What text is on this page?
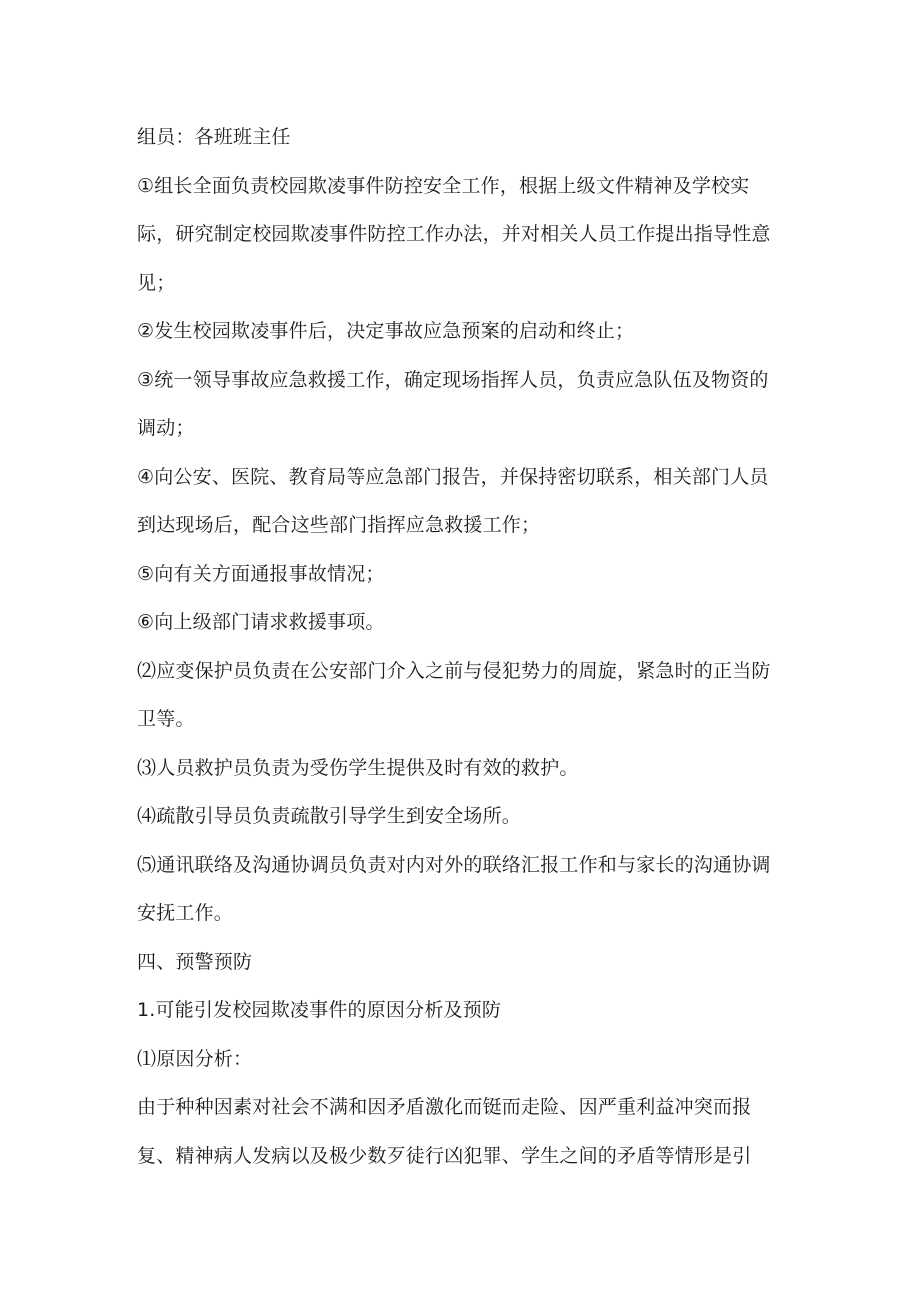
组员：各班班主任

①组长全面负责校园欺凌事件防控安全工作，根据上级文件精神及学校实际，研究制定校园欺凌事件防控工作办法，并对相关人员工作提出指导性意见；

②发生校园欺凌事件后，决定事故应急预案的启动和终止；

③统一领导事故应急救援工作，确定现场指挥人员，负责应急队伍及物资的调动；

④向公安、医院、教育局等应急部门报告，并保持密切联系，相关部门人员到达现场后，配合这些部门指挥应急救援工作；

⑤向有关方面通报事故情况；

⑥向上级部门请求救援事项。

⑵应变保护员负责在公安部门介入之前与侵犯势力的周旋，紧急时的正当防卫等。

⑶人员救护员负责为受伤学生提供及时有效的救护。

⑷疏散引导员负责疏散引导学生到安全场所。

⑸通讯联络及沟通协调员负责对内对外的联络汇报工作和与家长的沟通协调安抚工作。

四、预警预防

1.可能引发校园欺凌事件的原因分析及预防

⑴原因分析：

由于种种因素对社会不满和因矛盾激化而铤而走险、因严重利益冲突而报复、精神病人发病以及极少数歹徒行凶犯罪、学生之间的矛盾等情形是引
